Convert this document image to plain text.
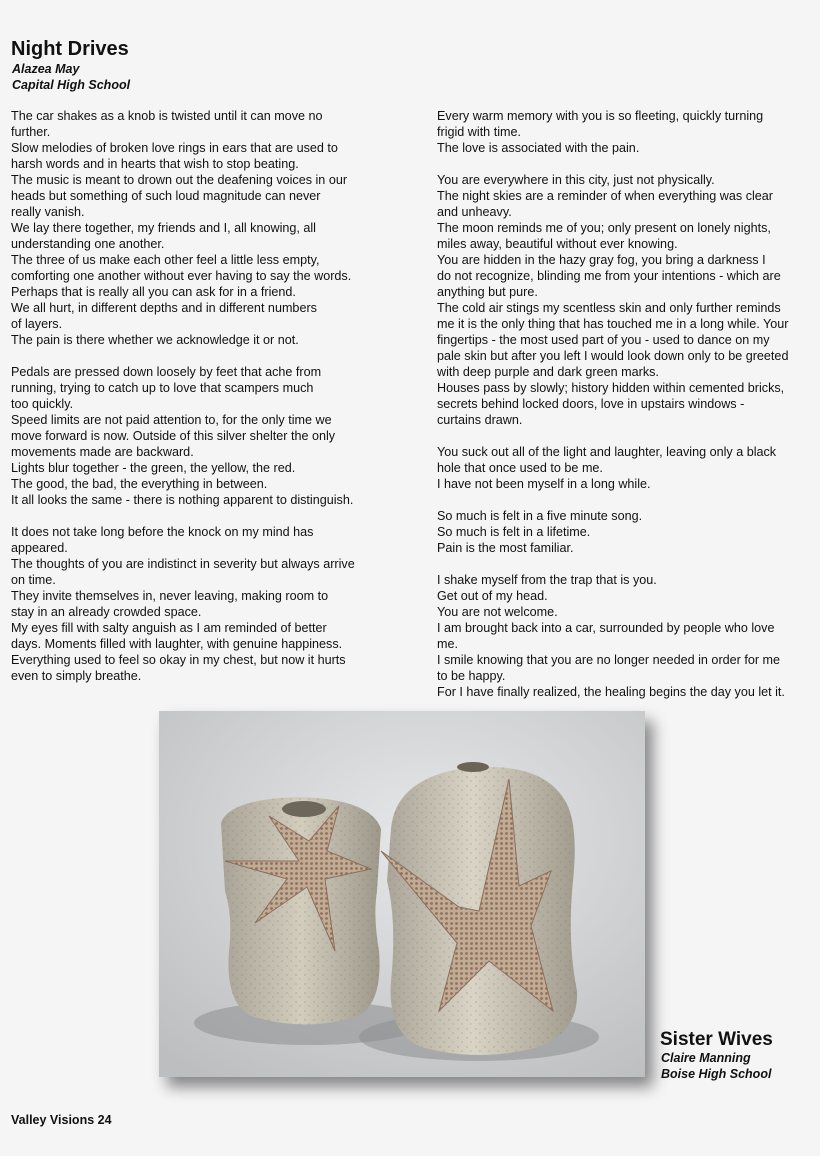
Night Drives
Alazea May
Capital High School
The car shakes as a knob is twisted until it can move no
further.
Slow melodies of broken love rings in ears that are used to
harsh words and in hearts that wish to stop beating.
The music is meant to drown out the deafening voices in our
heads but something of such loud magnitude can never
really vanish.
We lay there together, my friends and I, all knowing, all
understanding one another.
The three of us make each other feel a little less empty,
comforting one another without ever having to say the words.
Perhaps that is really all you can ask for in a friend.
We all hurt, in different depths and in different numbers
of layers.
The pain is there whether we acknowledge it or not.
Pedals are pressed down loosely by feet that ache from
running, trying to catch up to love that scampers much
too quickly.
Speed limits are not paid attention to, for the only time we
move forward is now. Outside of this silver shelter the only
movements made are backward.
Lights blur together - the green, the yellow, the red.
The good, the bad, the everything in between.
It all looks the same - there is nothing apparent to distinguish.
It does not take long before the knock on my mind has
appeared.
The thoughts of you are indistinct in severity but always arrive
on time.
They invite themselves in, never leaving, making room to
stay in an already crowded space.
My eyes fill with salty anguish as I am reminded of better
days. Moments filled with laughter, with genuine happiness.
Everything used to feel so okay in my chest, but now it hurts
even to simply breathe.
Every warm memory with you is so fleeting, quickly turning
frigid with time.
The love is associated with the pain.
You are everywhere in this city, just not physically.
The night skies are a reminder of when everything was clear
and unheavy.
The moon reminds me of you; only present on lonely nights,
miles away, beautiful without ever knowing.
You are hidden in the hazy gray fog, you bring a darkness I
do not recognize, blinding me from your intentions - which are
anything but pure.
The cold air stings my scentless skin and only further reminds
me it is the only thing that has touched me in a long while. Your
fingertips - the most used part of you - used to dance on my
pale skin but after you left I would look down only to be greeted
with deep purple and dark green marks.
Houses pass by slowly; history hidden within cemented bricks,
secrets behind locked doors, love in upstairs windows -
curtains drawn.
You suck out all of the light and laughter, leaving only a black
hole that once used to be me.
I have not been myself in a long while.
So much is felt in a five minute song.
So much is felt in a lifetime.
Pain is the most familiar.
I shake myself from the trap that is you.
Get out of my head.
You are not welcome.
I am brought back into a car, surrounded by people who love
me.
I smile knowing that you are no longer needed in order for me
to be happy.
For I have finally realized, the healing begins the day you let it.
Sister Wives
Claire Manning
Boise High School
Valley Visions 24
